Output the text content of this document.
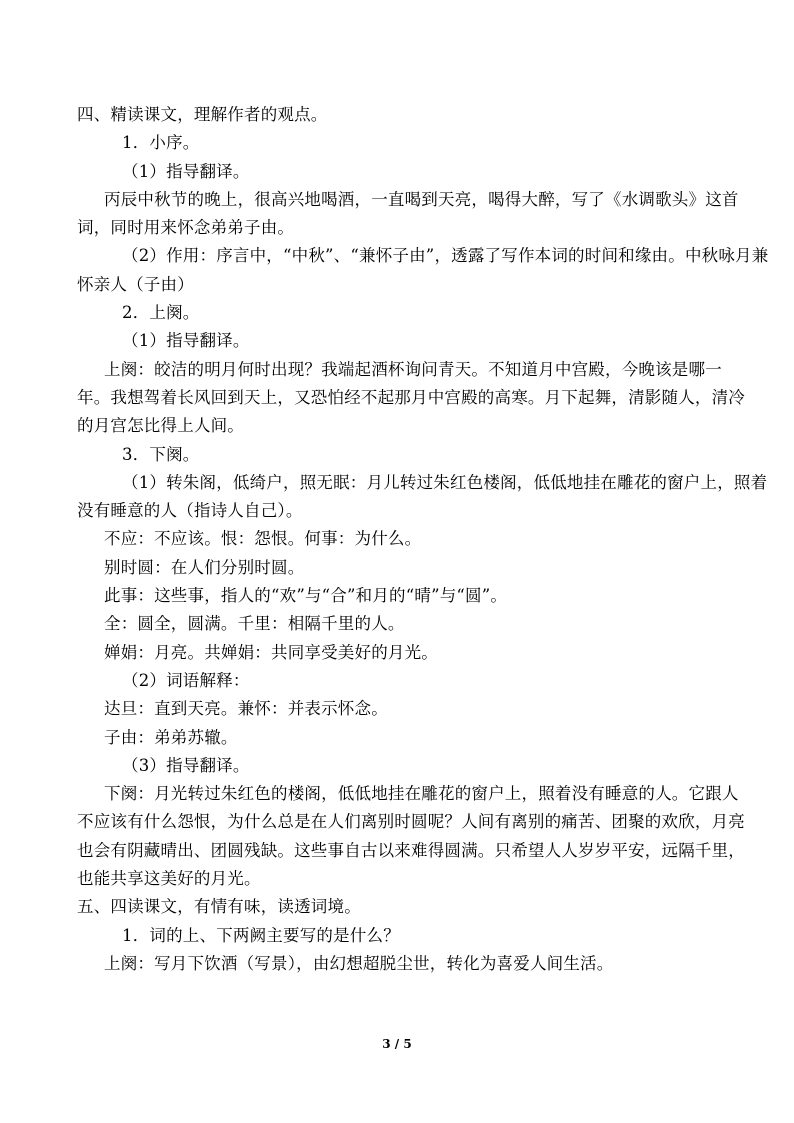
四、精读课文，理解作者的观点。
1．小序。
（1）指导翻译。
丙辰中秋节的晚上，很高兴地喝酒，一直喝到天亮，喝得大醉，写了《水调歌头》这首
词，同时用来怀念弟弟子由。
（2）作用：序言中，“中秋”、“兼怀子由”，透露了写作本词的时间和缘由。中秋咏月兼
怀亲人（子由）
2．上阕。
（1）指导翻译。
上阕：皎洁的明月何时出现？我端起酒杯询问青天。不知道月中宫殿，今晚该是哪一
年。我想驾着长风回到天上，又恐怕经不起那月中宫殿的高寒。月下起舞，清影随人，清冷
的月宫怎比得上人间。
3．下阕。
（1）转朱阁，低绮户，照无眠：月儿转过朱红色楼阁，低低地挂在雕花的窗户上，照着
没有睡意的人（指诗人自己）。
不应：不应该。恨：怨恨。何事：为什么。
别时圆：在人们分别时圆。
此事：这些事，指人的“欢”与“合”和月的“晴”与“圆”。
全：圆全，圆满。千里：相隔千里的人。
婵娟：月亮。共婵娟：共同享受美好的月光。
（2）词语解释：
达旦：直到天亮。兼怀：并表示怀念。
子由：弟弟苏辙。
（3）指导翻译。
下阕：月光转过朱红色的楼阁，低低地挂在雕花的窗户上，照着没有睡意的人。它跟人
不应该有什么怨恨，为什么总是在人们离别时圆呢？人间有离别的痛苦、团聚的欢欣，月亮
也会有阴藏晴出、团圆残缺。这些事自古以来难得圆满。只希望人人岁岁平安，远隔千里，
也能共享这美好的月光。
五、四读课文，有情有味，读透词境。
1．词的上、下两阙主要写的是什么？
上阕：写月下饮酒（写景），由幻想超脱尘世，转化为喜爱人间生活。
3 / 5
